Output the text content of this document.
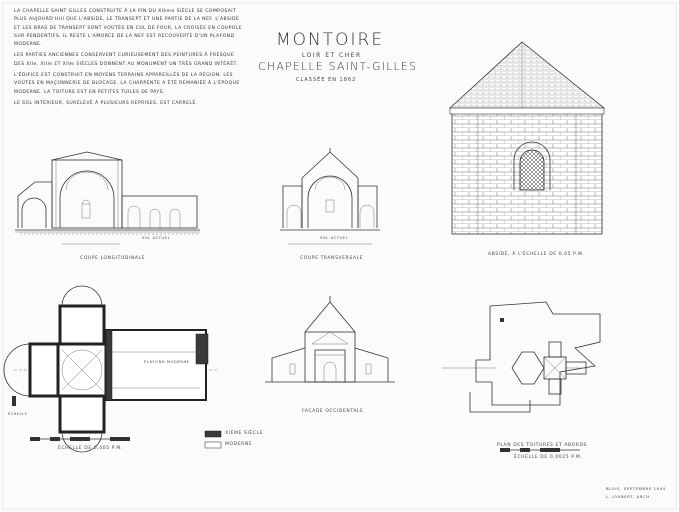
LA CHAPELLE SAINT GILLES CONSTRUITE À LA FIN DU XIème SIÈCLE SE COMPOSAIT PLUS AUJOURD'HUI QUE L'ABSIDE, LE TRANSEPT ET UNE PARTIE DE LA NEF. L'ABSIDE ET LES BRAS DE TRANSEPT SONT VOÛTÉS EN CUL DE FOUR, LA CROISÉE EN COUPOLE SUR PENDENTIFS. IL RESTE L'AMORCE DE LA NEF EST RECOUVERTE D'UN PLAFOND MODERNE.

LES PARTIES ANCIENNES CONSERVENT CURIEUSEMENT DES PEINTURES À FRESQUE DES XIIe, XIIIe ET XIVe SIÈCLES DONNENT AU MONUMENT UN TRÈS GRAND INTÉRÊT.

L'ÉDIFICE EST CONSTRUIT EN MOYENS TERRAINS APPAREILLÉS DE LA RÉGION. LES VOÛTES EN MAÇONNERIE DE BLOCAGE. LA CHARPENTE A ÉTÉ REMANIÉE À L'ÉPOQUE MODERNE. LA TOITURE EST EN PETITES TUILES DE PAYS.

LE SOL INTÉRIEUR, SURÉLEVÉ À PLUSIEURS REPRISES, EST CARRELÉ.

MONTOIRE
LOIR ET CHER
CHAPELLE SAINT-GILLES
CLASSÉE EN 1862
COUPE LONGITUDINALE	COUPE TRANSVERSALE
ABSIDE, À L'ÉCHELLE DE 0,05 P.M.
ÉCHELLE DE 0,005 P.M.
FAÇADE OCCIDENTALE
PLAN DES TOITURES ET ABORDS
ÉCHELLE DE 0,0025 P.M.
SOL ACTUEL	SOL ACTUEL
PLAFOND MODERNE
ÉCHELLE
XIÈME SIÈCLE
MODERNE
BLOIS, SEPTEMBRE 1944
L. JOUBERT, ARCH.
